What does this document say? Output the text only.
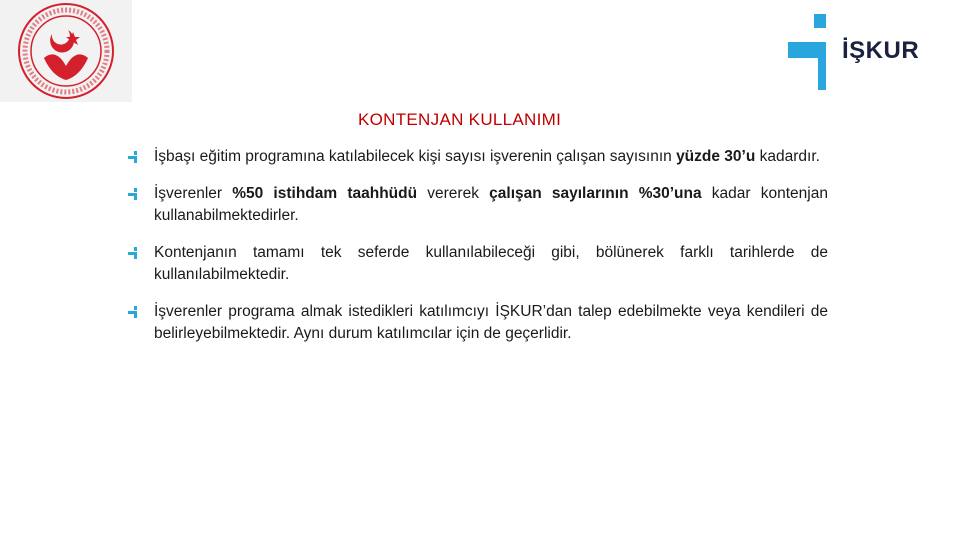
İŞKUR
KONTENJAN KULLANIMI
İşbaşı eğitim programına katılabilecek kişi sayısı işverenin çalışan sayısının yüzde 30’u kadardır.
İşverenler %50 istihdam taahhüdü vererek çalışan sayılarının %30’una kadar kontenjan kullanabilmektedirler.
Kontenjanın tamamı tek seferde kullanılabileceği gibi, bölünerek farklı tarihlerde de kullanılabilmektedir.
İşverenler programa almak istedikleri katılımcıyı İŞKUR’dan talep edebilmekte veya kendileri de belirleyebilmektedir. Aynı durum katılımcılar için de geçerlidir.
